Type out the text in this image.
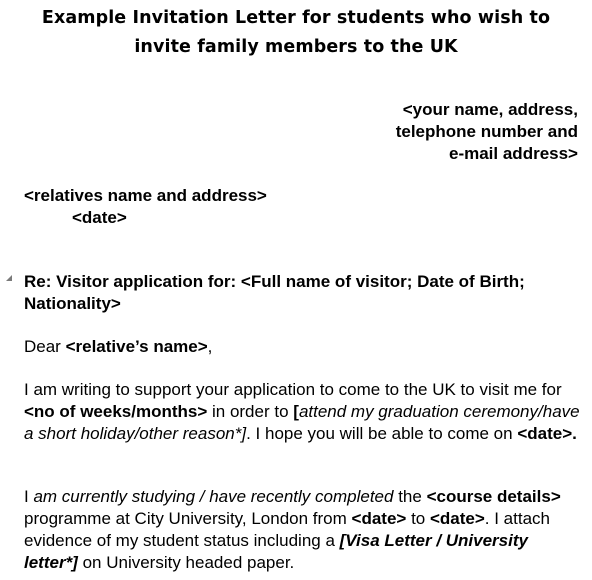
Example Invitation Letter for students who wish to
invite family members to the UK
<your name, address,
telephone number and
e-mail address>
<relatives name and address>
<date>

Re: Visitor application for: <Full name of visitor; Date of Birth;
Nationality>

Dear <relative’s name>,

I am writing to support your application to come to the UK to visit me for <no of weeks/months> in order to [attend my graduation ceremony/have a short holiday/other reason*]. I hope you will be able to come on <date>.

I am currently studying / have recently completed the <course details> programme at City University, London from <date> to <date>. I attach evidence of my student status including a [Visa Letter / University letter*] on University headed paper.
